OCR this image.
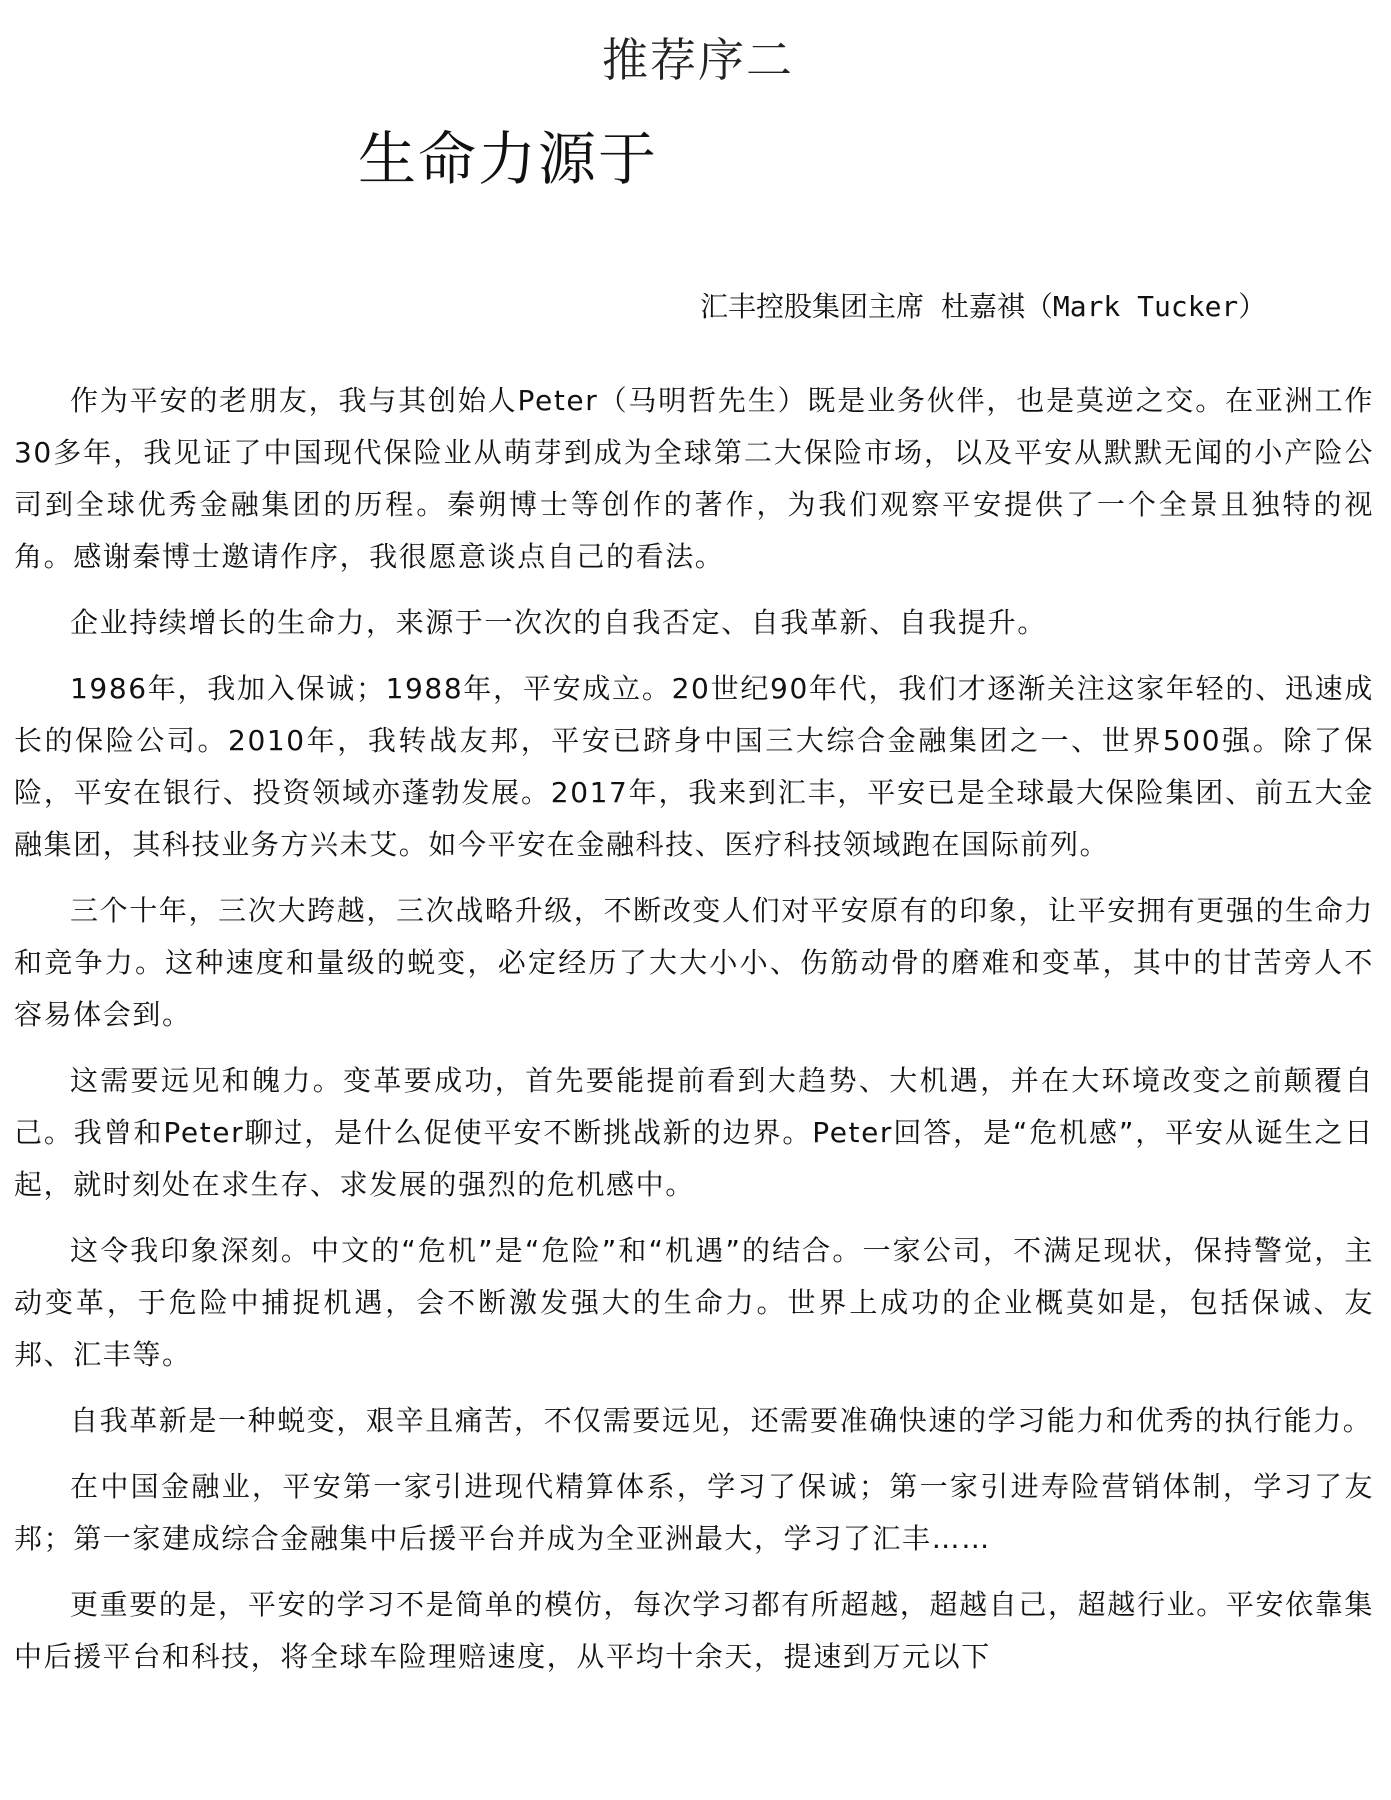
推荐序二
生命力源于
汇丰控股集团主席 杜嘉祺（Mark Tucker）

作为平安的老朋友，我与其创始人Peter（马明哲先生）既是业务伙伴，也是莫逆之交。在亚洲工作30多年，我见证了中国现代保险业从萌芽到成为全球第二大保险市场，以及平安从默默无闻的小产险公司到全球优秀金融集团的历程。秦朔博士等创作的著作，为我们观察平安提供了一个全景且独特的视角。感谢秦博士邀请作序，我很愿意谈点自己的看法。

企业持续增长的生命力，来源于一次次的自我否定、自我革新、自我提升。

1986年，我加入保诚；1988年，平安成立。20世纪90年代，我们才逐渐关注这家年轻的、迅速成长的保险公司。2010年，我转战友邦，平安已跻身中国三大综合金融集团之一、世界500强。除了保险，平安在银行、投资领域亦蓬勃发展。2017年，我来到汇丰，平安已是全球最大保险集团、前五大金融集团，其科技业务方兴未艾。如今平安在金融科技、医疗科技领域跑在国际前列。

三个十年，三次大跨越，三次战略升级，不断改变人们对平安原有的印象，让平安拥有更强的生命力和竞争力。这种速度和量级的蜕变，必定经历了大大小小、伤筋动骨的磨难和变革，其中的甘苦旁人不容易体会到。

这需要远见和魄力。变革要成功，首先要能提前看到大趋势、大机遇，并在大环境改变之前颠覆自己。我曾和Peter聊过，是什么促使平安不断挑战新的边界。Peter回答，是“危机感”，平安从诞生之日起，就时刻处在求生存、求发展的强烈的危机感中。

这令我印象深刻。中文的“危机”是“危险”和“机遇”的结合。一家公司，不满足现状，保持警觉，主动变革，于危险中捕捉机遇，会不断激发强大的生命力。世界上成功的企业概莫如是，包括保诚、友邦、汇丰等。

自我革新是一种蜕变，艰辛且痛苦，不仅需要远见，还需要准确快速的学习能力和优秀的执行能力。

在中国金融业，平安第一家引进现代精算体系，学习了保诚；第一家引进寿险营销体制，学习了友邦；第一家建成综合金融集中后援平台并成为全亚洲最大，学习了汇丰……

更重要的是，平安的学习不是简单的模仿，每次学习都有所超越，超越自己，超越行业。平安依靠集中后援平台和科技，将全球车险理赔速度，从平均十余天，提速到万元以下
